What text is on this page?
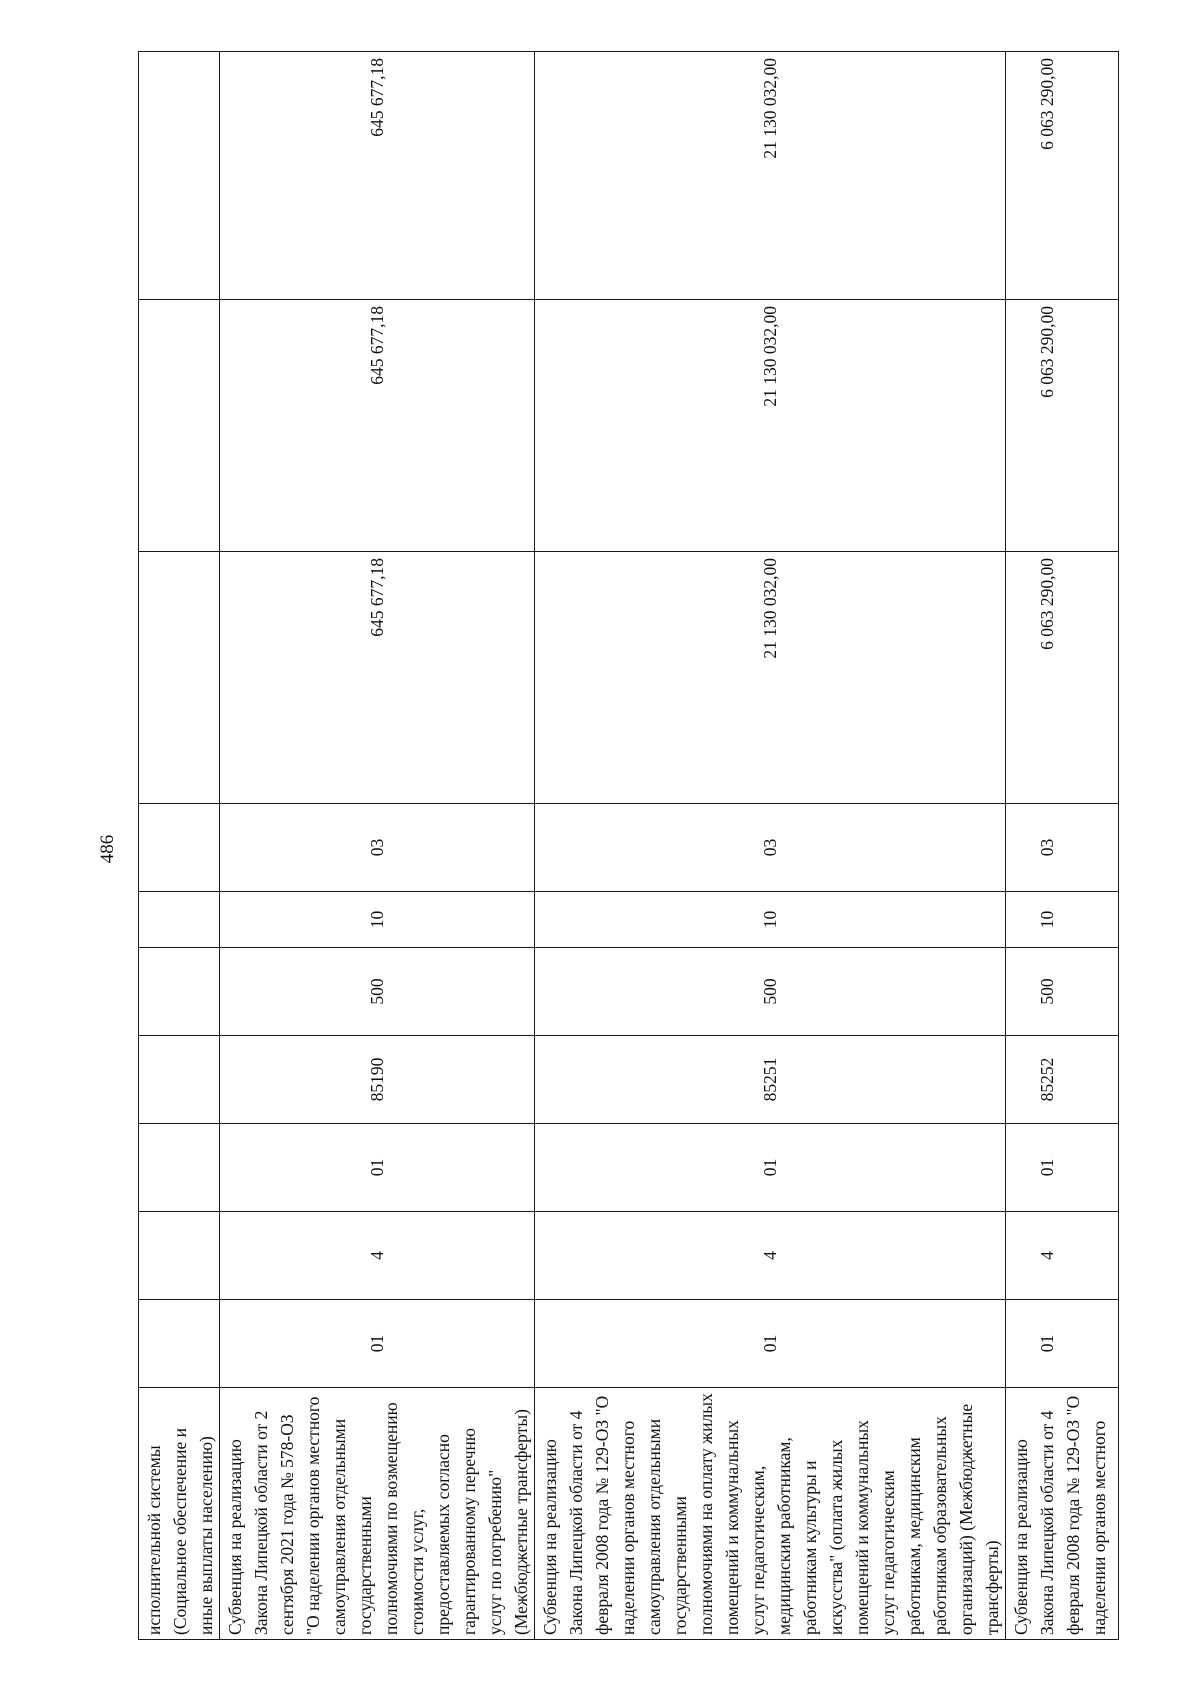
486
исполнительной системы (Социальное обеспечение и иные выплаты населению)										
Субвенция на реализацию Закона Липецкой области от 2 сентября 2021 года № 578-ОЗ "О наделении органов местного самоуправления отдельными государственными полномочиями по возмещению стоимости услуг, предоставляемых согласно гарантированному перечню услуг по погребению" (Межбюджетные трансферты)	01	4	01	85190	500	10	03	645 677,18	645 677,18	645 677,18
Субвенция на реализацию Закона Липецкой области от 4 февраля 2008 года № 129-ОЗ "О наделении органов местного самоуправления отдельными государственными полномочиями на оплату жилых помещений и коммунальных услуг педагогическим, медицинским работникам, работникам культуры и искусства" (оплата жилых помещений и коммунальных услуг педагогическим работникам, медицинским работникам образовательных организаций) (Межбюджетные трансферты)	01	4	01	85251	500	10	03	21 130 032,00	21 130 032,00	21 130 032,00
Субвенция на реализацию Закона Липецкой области от 4 февраля 2008 года № 129-ОЗ "О наделении органов местного	01	4	01	85252	500	10	03	6 063 290,00	6 063 290,00	6 063 290,00
